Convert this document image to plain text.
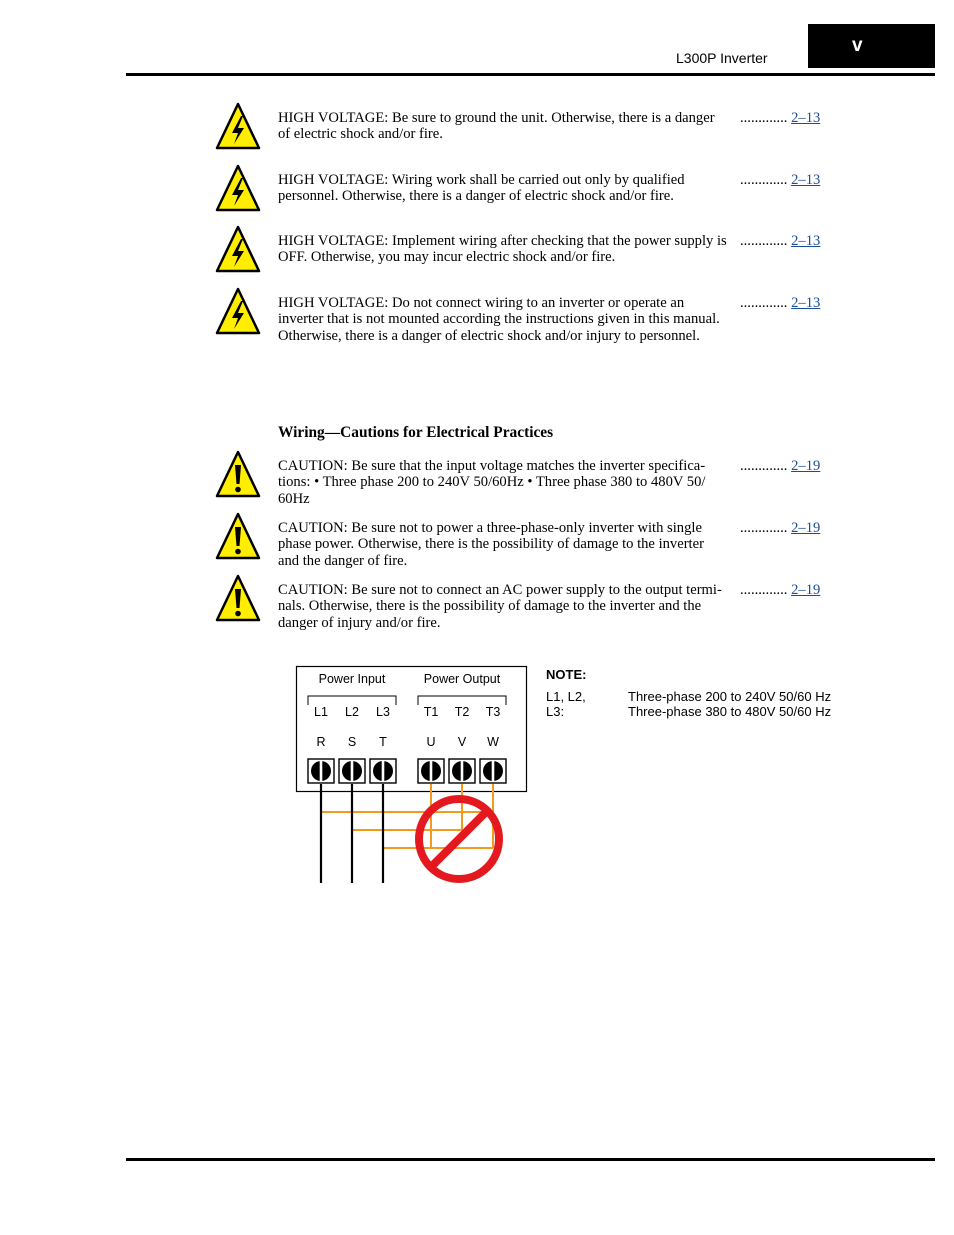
L300P Inverter
v

HIGH VOLTAGE: Be sure to ground the unit. Otherwise, there is a danger of electric shock and/or fire.

............. 2–13

HIGH VOLTAGE: Wiring work shall be carried out only by qualified personnel. Otherwise, there is a danger of electric shock and/or fire.

............. 2–13

HIGH VOLTAGE: Implement wiring after checking that the power supply is OFF. Otherwise, you may incur electric shock and/or fire.

............. 2–13

HIGH VOLTAGE: Do not connect wiring to an inverter or operate an inverter that is not mounted according the instructions given in this manual. Otherwise, there is a danger of electric shock and/or injury to personnel.

............. 2–13
Wiring—Cautions for Electrical Practices

CAUTION: Be sure that the input voltage matches the inverter specifica-tions: • Three phase 200 to 240V 50/60Hz • Three phase 380 to 480V 50/ 60Hz

............. 2–19

CAUTION: Be sure not to power a three-phase-only inverter with single phase power. Otherwise, there is the possibility of damage to the inverter and the danger of fire.

............. 2–19

CAUTION: Be sure not to connect an AC power supply to the output termi-nals. Otherwise, there is the possibility of damage to the inverter and the danger of injury and/or fire.

............. 2–19
Power Input	Power Output
L1 L2 L3	T1 T2 T3
R S T	U V W
NOTE:
L1, L2, L3:
Three-phase 200 to 240V 50/60 Hz
Three-phase 380 to 480V 50/60 Hz
